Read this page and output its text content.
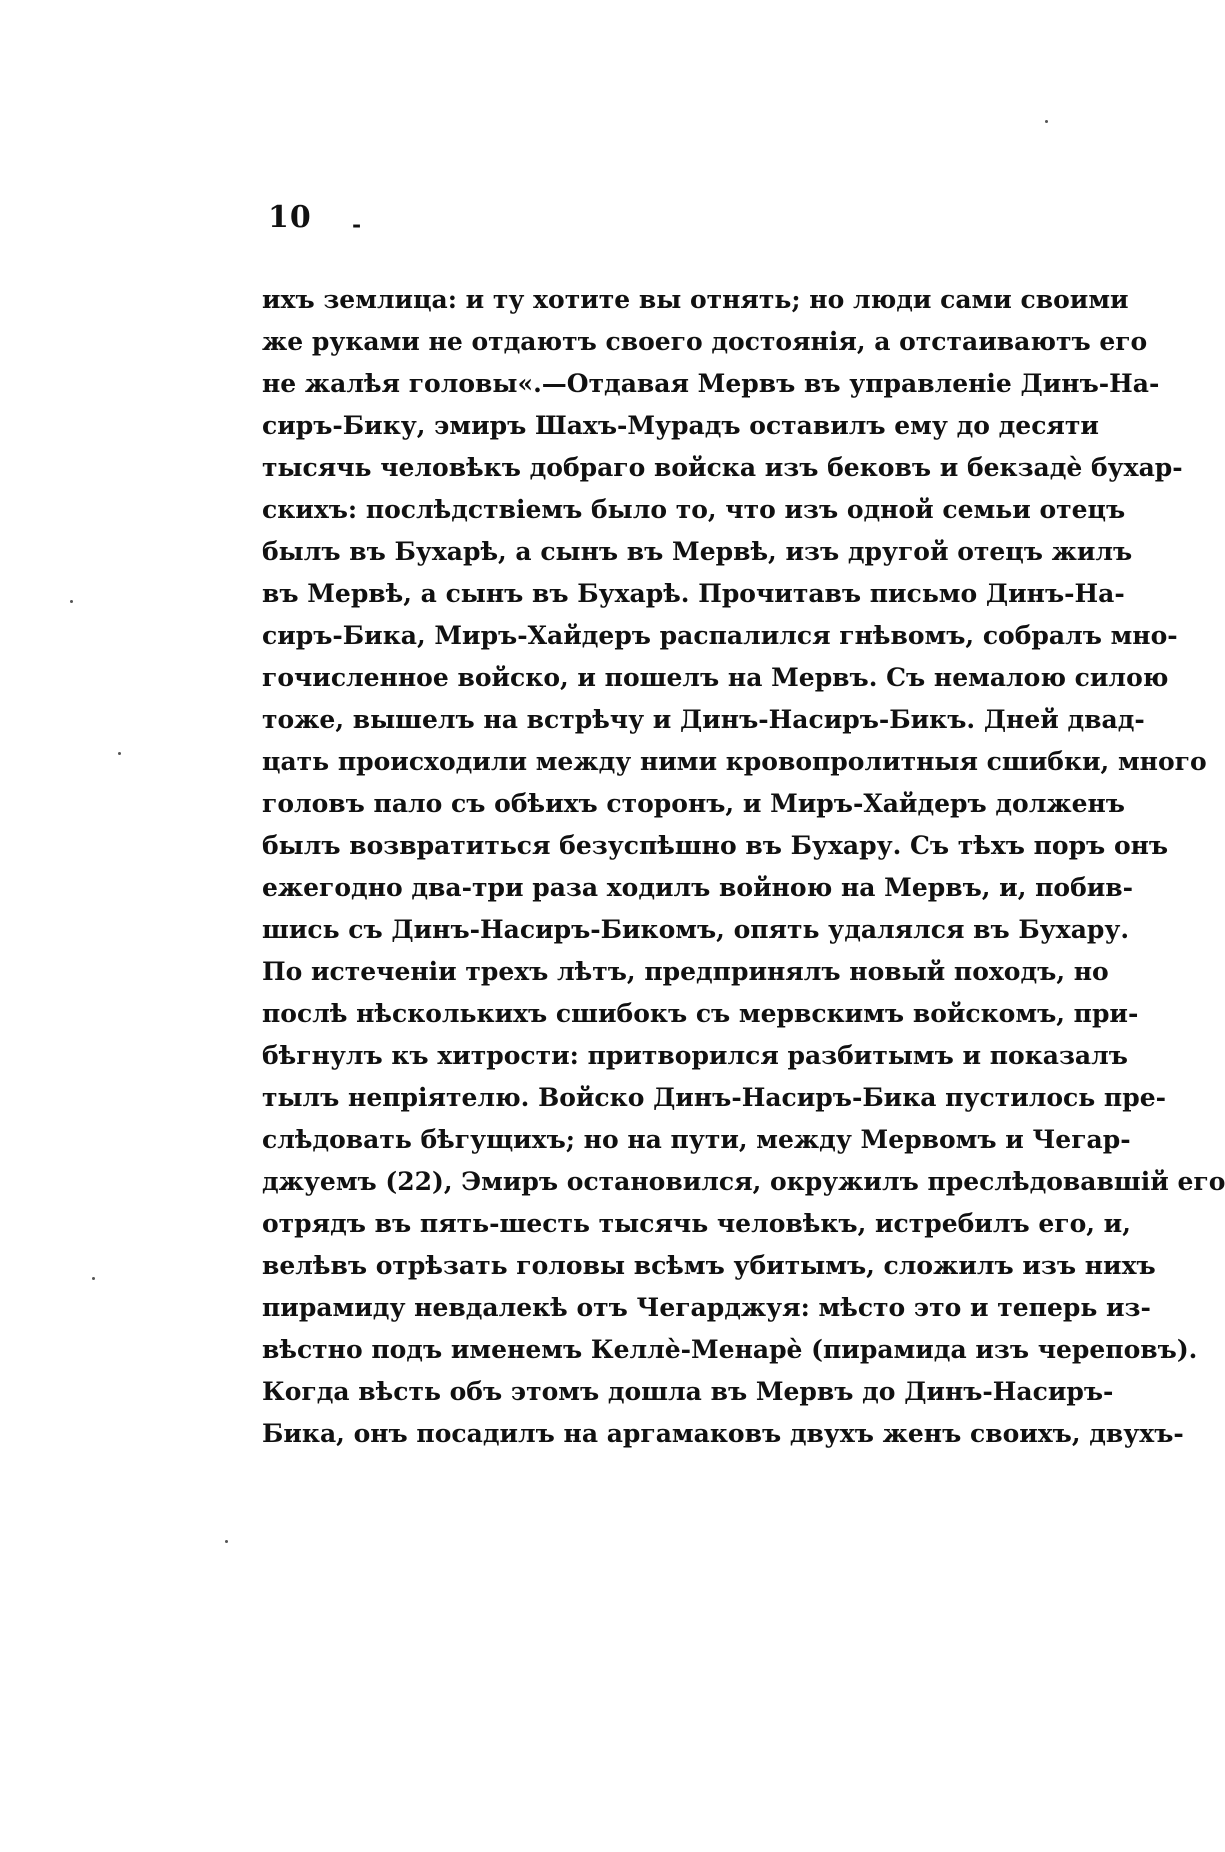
10 -
ихъ землица: и ту хотите вы отнять; но люди сами своими
же руками не отдаютъ своего достоянія, а отстаиваютъ его
не жалѣя головы«.—Отдавая Мервъ въ управленіе Динъ-На-
сиръ-Бику, эмиръ Шахъ-Мурадъ оставилъ ему до десяти
тысячь человѣкъ добраго войска изъ бековъ и бекзадѐ бухар-
скихъ: послѣдствіемъ было то, что изъ одной семьи отецъ
былъ въ Бухарѣ, а сынъ въ Мервѣ, изъ другой отецъ жилъ
въ Мервѣ, а сынъ въ Бухарѣ. Прочитавъ письмо Динъ-На-
сиръ-Бика, Миръ-Хайдеръ распалился гнѣвомъ, собралъ мно-
гочисленное войско, и пошелъ на Мервъ. Съ немалою силою
тоже, вышелъ на встрѣчу и Динъ-Насиръ-Бикъ. Дней двад-
цать происходили между ними кровопролитныя сшибки, много
головъ пало съ обѣихъ сторонъ, и Миръ-Хайдеръ долженъ
былъ возвратиться безуспѣшно въ Бухару. Съ тѣхъ поръ онъ
ежегодно два-три раза ходилъ войною на Мервъ, и, побив-
шись съ Динъ-Насиръ-Бикомъ, опять удалялся въ Бухару.
По истеченіи трехъ лѣтъ, предпринялъ новый походъ, но
послѣ нѣсколькихъ сшибокъ съ мервскимъ войскомъ, при-
бѣгнулъ къ хитрости: притворился разбитымъ и показалъ
тылъ непріятелю. Войско Динъ-Насиръ-Бика пустилось пре-
слѣдовать бѣгущихъ; но на пути, между Мервомъ и Чегар-
джуемъ (22), Эмиръ остановился, окружилъ преслѣдовавшій его
отрядъ въ пять-шесть тысячь человѣкъ, истребилъ его, и,
велѣвъ отрѣзать головы всѣмъ убитымъ, сложилъ изъ нихъ
пирамиду невдалекѣ отъ Чегарджуя: мѣсто это и теперь из-
вѣстно подъ именемъ Келлѐ-Менарѐ (пирамида изъ череповъ).
Когда вѣсть объ этомъ дошла въ Мервъ до Динъ-Насиръ-
Бика, онъ посадилъ на аргамаковъ двухъ женъ своихъ, двухъ-
